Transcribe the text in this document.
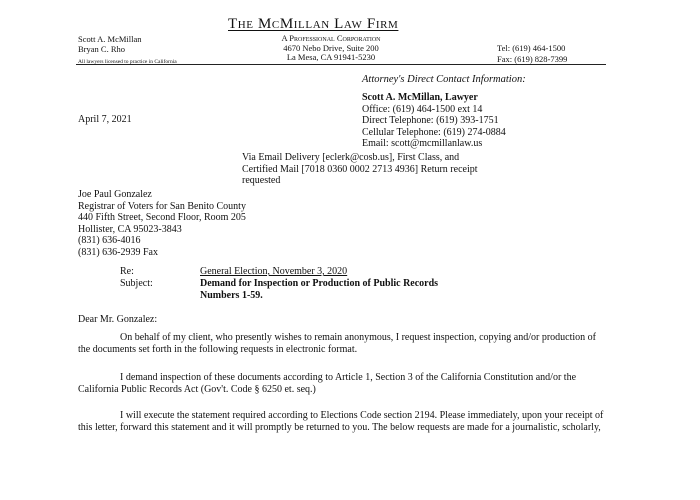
Scott A. McMillan
Bryan C. Rho
All lawyers licensed to practice in California
The McMillan Law Firm
A Professional Corporation
4670 Nebo Drive, Suite 200
La Mesa, CA 91941-5230
Tel: (619) 464-1500
Fax: (619) 828-7399
Attorney's Direct Contact Information:
Scott A. McMillan, Lawyer
Office: (619) 464-1500 ext 14
Direct Telephone: (619) 393-1751
Cellular Telephone: (619) 274-0884
Email: scott@mcmillanlaw.us
April 7, 2021
Via Email Delivery [eclerk@cosb.us], First Class, and
Certified Mail [7018 0360 0002 2713 4936] Return receipt
requested
Joe Paul Gonzalez
Registrar of Voters for San Benito County
440 Fifth Street, Second Floor, Room 205
Hollister, CA 95023-3843
(831) 636-4016
(831) 636-2939 Fax
Re:	General Election, November 3, 2020
Subject:	Demand for Inspection or Production of Public Records
Numbers 1-59.
Dear Mr. Gonzalez:
On behalf of my client, who presently wishes to remain anonymous, I request inspection, copying and/or production of the documents set forth in the following requests in electronic format.
I demand inspection of these documents according to Article 1, Section 3 of the California Constitution and/or the California Public Records Act (Gov't. Code § 6250 et. seq.)
I will execute the statement required according to Elections Code section 2194. Please immediately, upon your receipt of this letter, forward this statement and it will promptly be returned to you. The below requests are made for a journalistic, scholarly,
